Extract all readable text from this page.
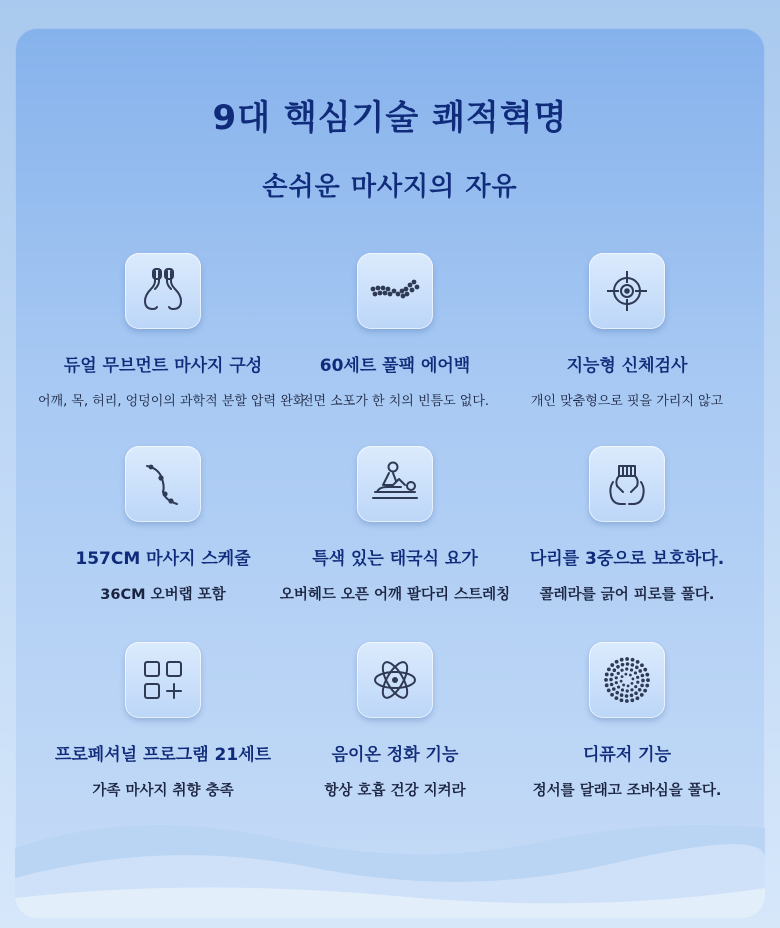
9대 핵심기술 쾌적혁명
손쉬운 마사지의 자유
듀얼 무브먼트 마사지 구성
어깨, 목, 허리, 엉덩이의 과학적 분할 압력 완화
60세트 풀팩 에어백
전면 소포가 한 치의 빈틈도 없다.
지능형 신체검사
개인 맞춤형으로 핏을 가리지 않고
157CM 마사지 스케줄
36CM 오버랩 포함
특색 있는 태국식 요가
오버헤드 오픈 어깨 팔다리 스트레칭
다리를 3중으로 보호하다.
콜레라를 긁어 피로를 풀다.
프로페셔널 프로그램 21세트
가족 마사지 취향 충족
음이온 정화 기능
항상 호흡 건강 지켜라
디퓨저 기능
정서를 달래고 조바심을 풀다.
